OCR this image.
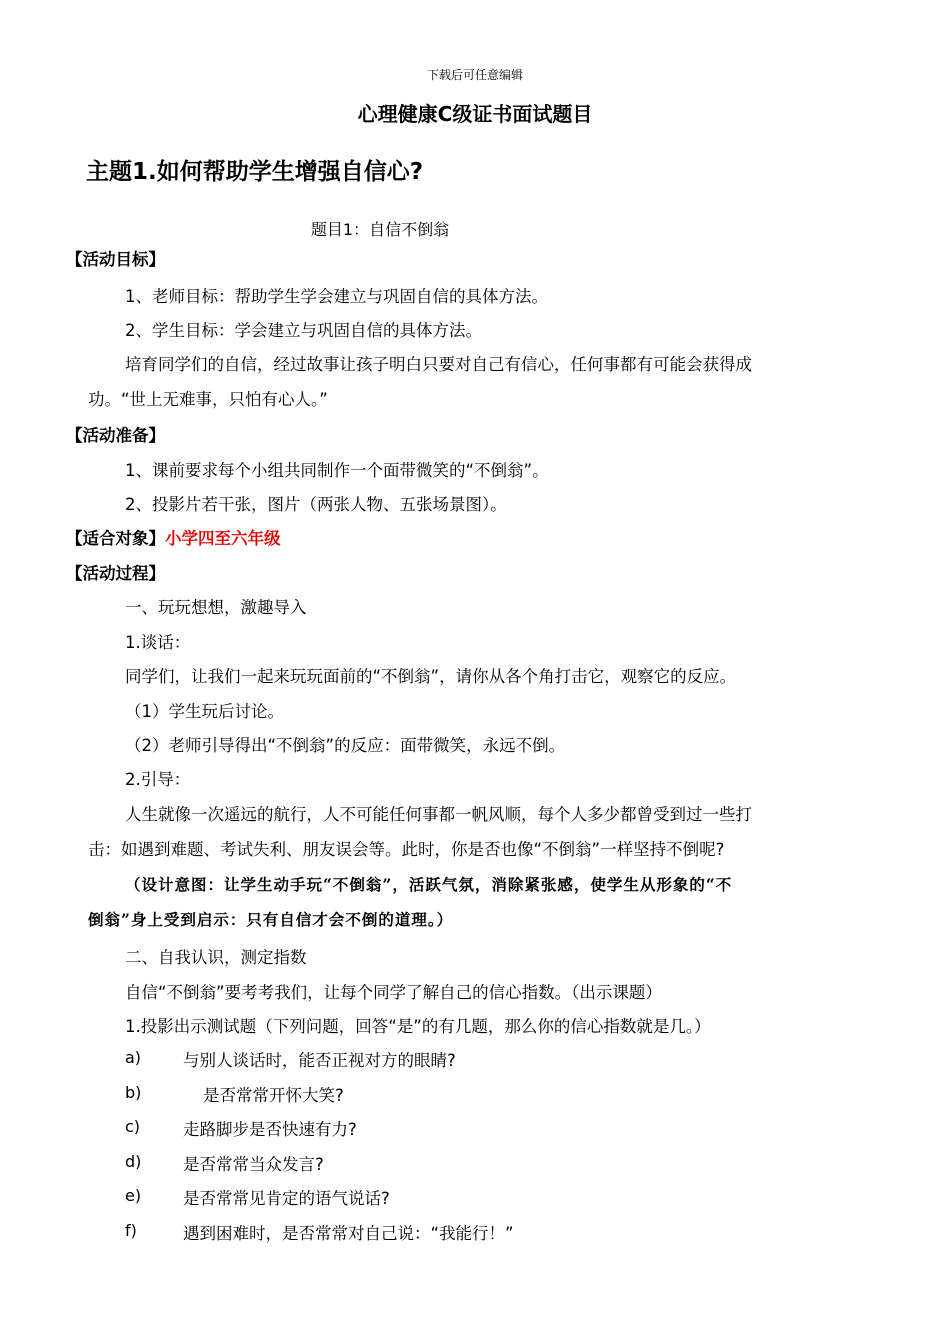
下载后可任意编辑
心理健康C级证书面试题目
主题1.如何帮助学生增强自信心?
题目1：自信不倒翁
【活动目标】
1、老师目标：帮助学生学会建立与巩固自信的具体方法。
2、学生目标：学会建立与巩固自信的具体方法。
培育同学们的自信，经过故事让孩子明白只要对自己有信心，任何事都有可能会获得成
功。“世上无难事，只怕有心人。”
【活动准备】
1、课前要求每个小组共同制作一个面带微笑的“不倒翁”。
2、投影片若干张，图片（两张人物、五张场景图）。
【适合对象】小学四至六年级
【活动过程】
一、玩玩想想，激趣导入
1.谈话：
同学们，让我们一起来玩玩面前的“不倒翁”，请你从各个角打击它，观察它的反应。
（1）学生玩后讨论。
（2）老师引导得出“不倒翁”的反应：面带微笑，永远不倒。
2.引导：
人生就像一次遥远的航行，人不可能任何事都一帆风顺，每个人多少都曾受到过一些打
击：如遇到难题、考试失利、朋友误会等。此时，你是否也像“不倒翁”一样坚持不倒呢?
（设计意图：让学生动手玩“不倒翁”，活跃气氛，消除紧张感，使学生从形象的“不
倒翁”身上受到启示：只有自信才会不倒的道理。）
二、自我认识，测定指数
自信“不倒翁”要考考我们，让每个同学了解自己的信心指数。（出示课题）
1.投影出示测试题（下列问题，回答“是”的有几题，那么你的信心指数就是几。）
a)	与别人谈话时，能否正视对方的眼睛?
b)	是否常常开怀大笑?
c)	走路脚步是否快速有力?
d)	是否常常当众发言?
e)	是否常常见肯定的语气说话?
f)	遇到困难时，是否常常对自己说：“我能行！”
